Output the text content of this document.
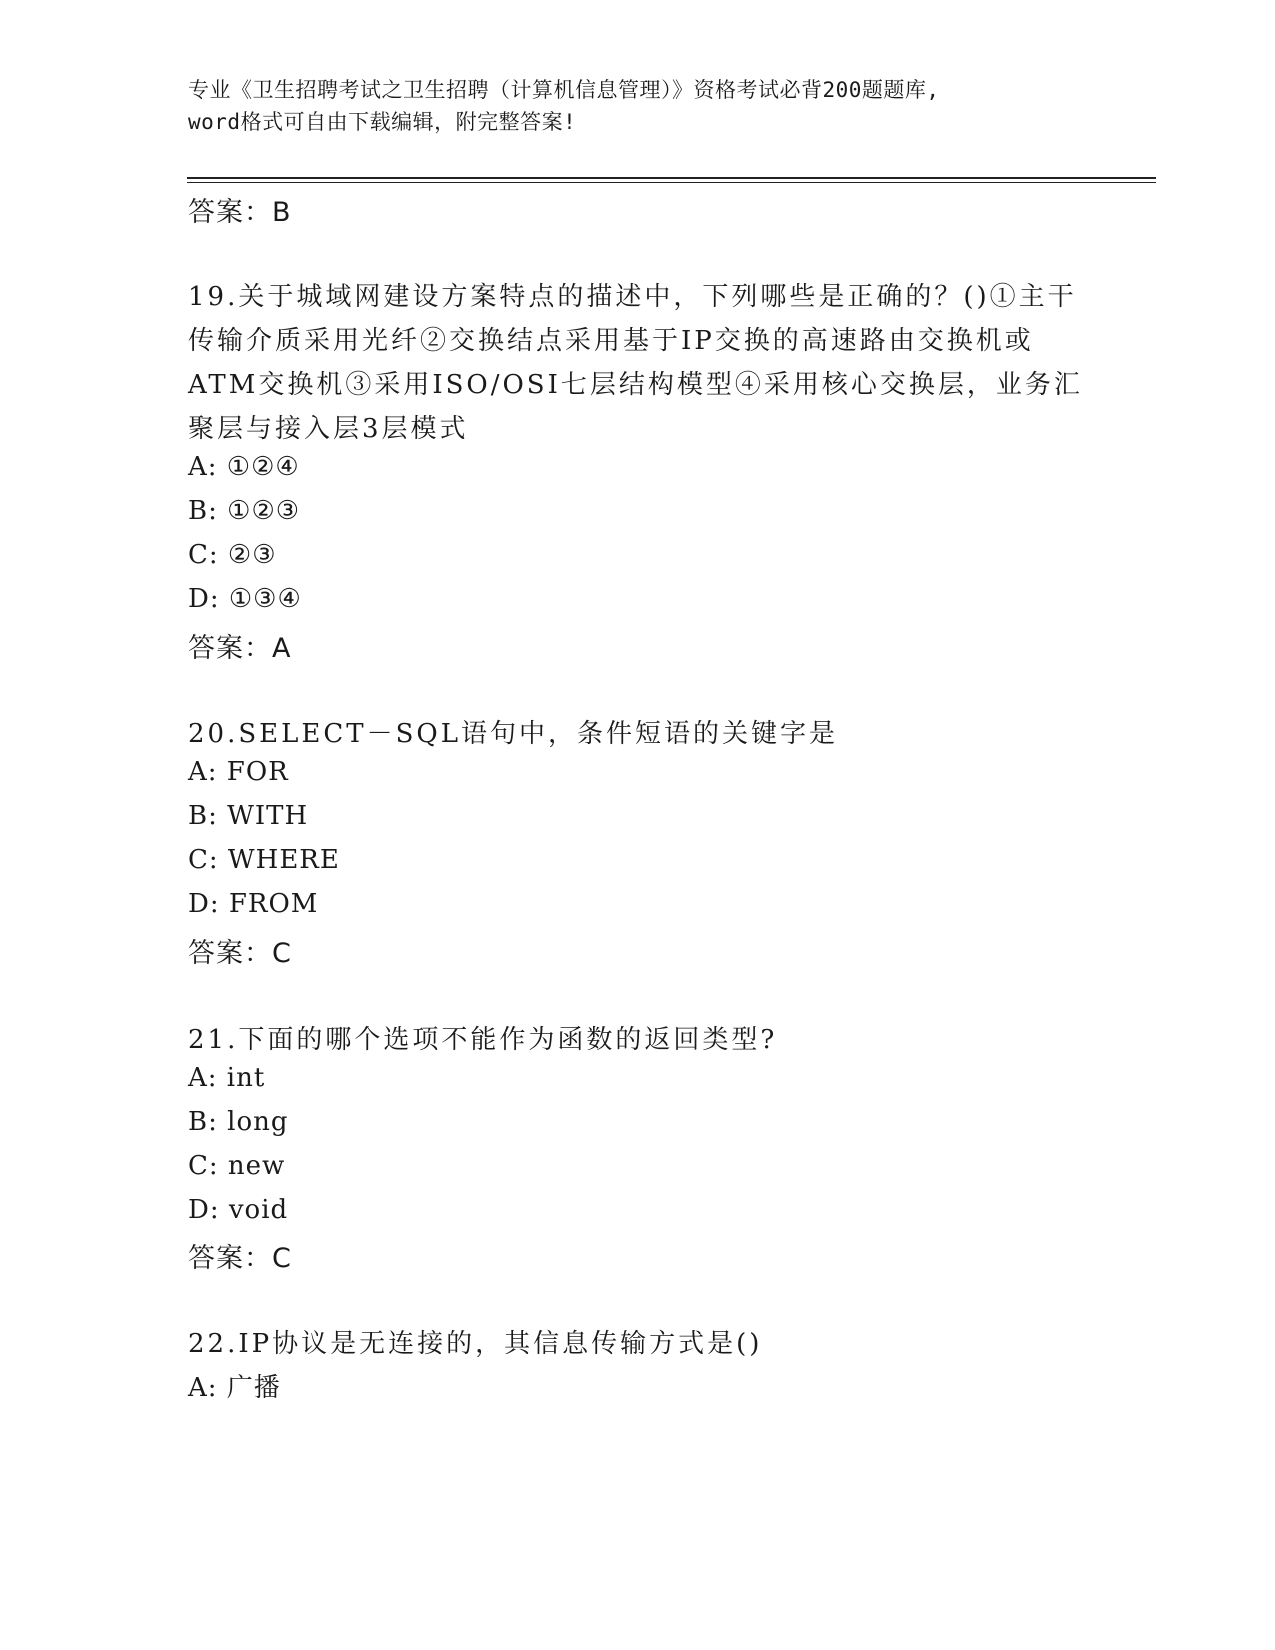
专业《卫生招聘考试之卫生招聘（计算机信息管理）》资格考试必背200题题库,
word格式可自由下载编辑，附完整答案!
答案：B
19.关于城域网建设方案特点的描述中，下列哪些是正确的？()①主干
传输介质采用光纤②交换结点采用基于IP交换的高速路由交换机或
ATM交换机③采用ISO/OSI七层结构模型④采用核心交换层，业务汇
聚层与接入层3层模式
A: ①②④
B: ①②③
C: ②③
D: ①③④
答案：A
20.SELECT－SQL语句中，条件短语的关键字是
A: FOR
B: WITH
C: WHERE
D: FROM
答案：C
21.下面的哪个选项不能作为函数的返回类型?
A: int
B: long
C: new
D: void
答案：C
22.IP协议是无连接的，其信息传输方式是()
A: 广播
